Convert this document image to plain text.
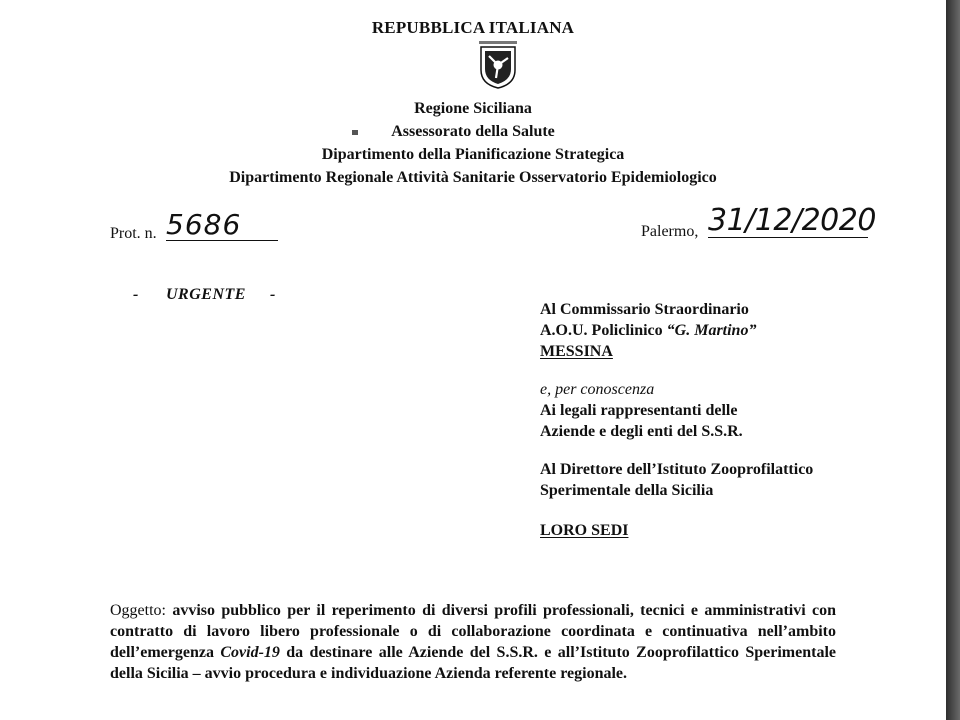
REPUBBLICA ITALIANA
Regione Siciliana
Assessorato della Salute
Dipartimento della Pianificazione Strategica
Dipartimento Regionale Attività Sanitarie Osservatorio Epidemiologico
Prot. n. 5686	Palermo, 31/12/2020
- URGENTE -
Al Commissario Straordinario
A.O.U. Policlinico “G. Martino”
MESSINA
e, per conoscenza
Ai legali rappresentanti delle
Aziende e degli enti del S.S.R.
Al Direttore dell’Istituto Zooprofilattico
Sperimentale della Sicilia
LORO SEDI
Oggetto: avviso pubblico per il reperimento di diversi profili professionali, tecnici e amministrativi con contratto di lavoro libero professionale o di collaborazione coordinata e continuativa nell’ambito dell’emergenza Covid-19 da destinare alle Aziende del S.S.R. e all’Istituto Zooprofilattico Sperimentale della Sicilia – avvio procedura e individuazione Azienda referente regionale.
